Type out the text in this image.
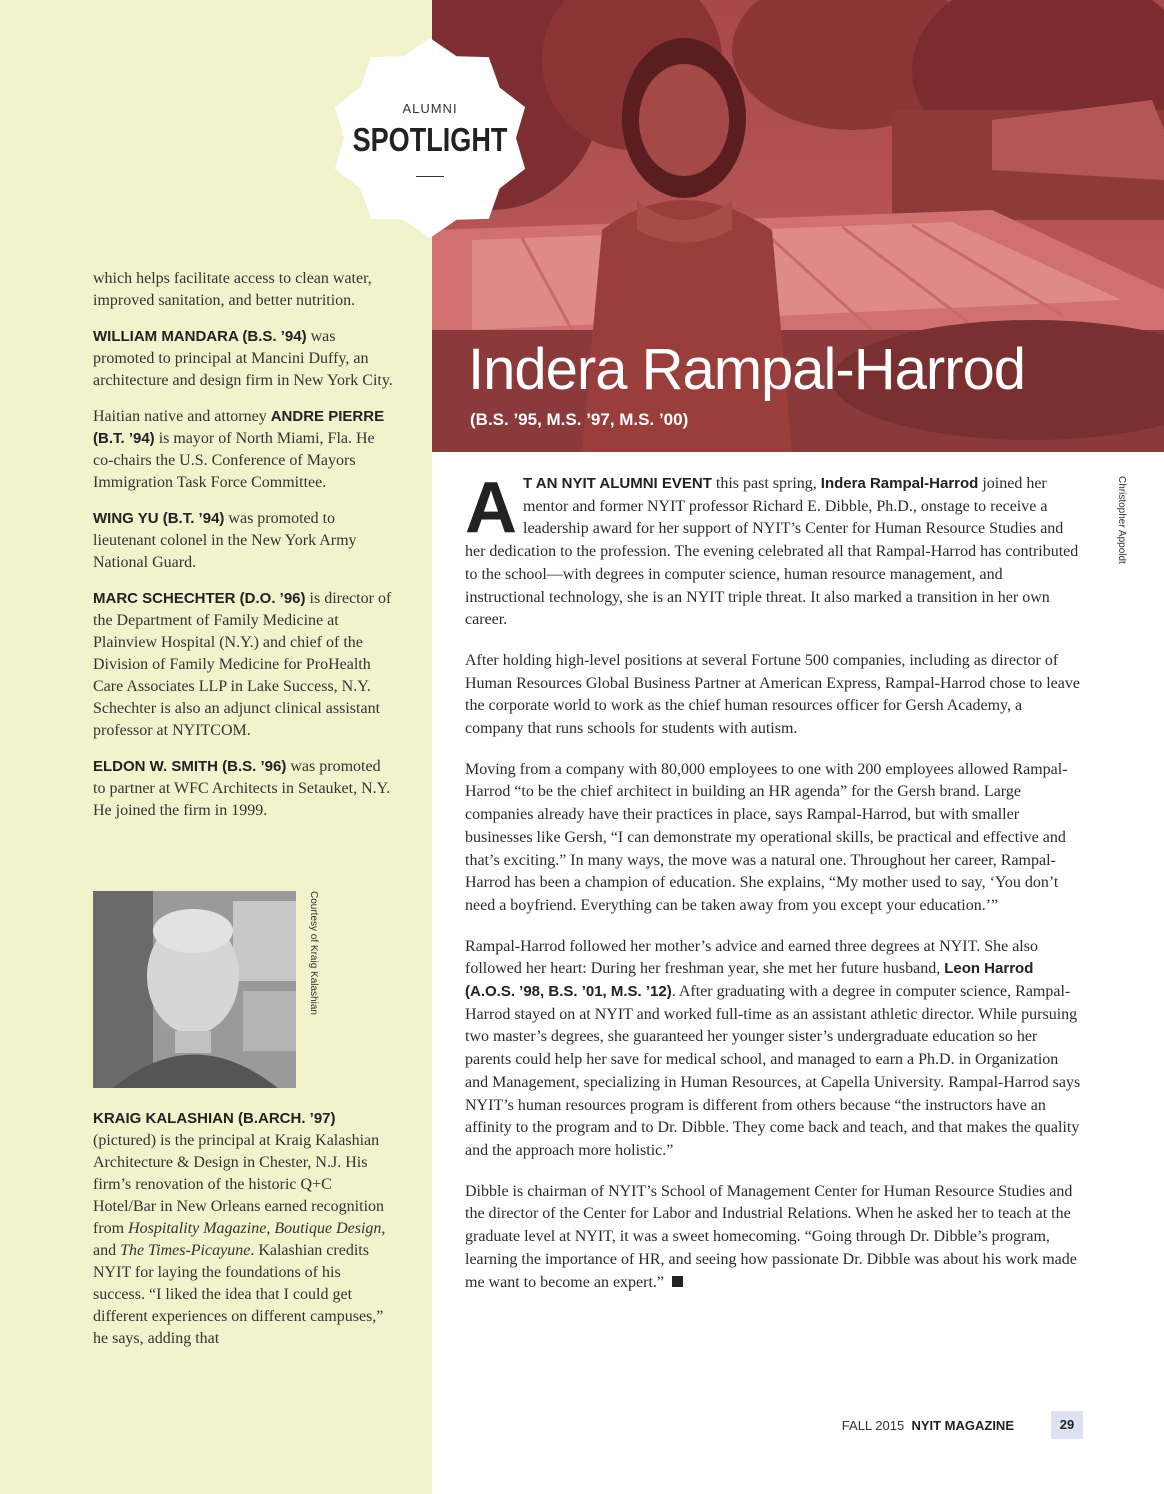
Indera Rampal-Harrod
(B.S. ’95, M.S. ’97, M.S. ’00)
ALUMNI
SPOTLIGHT

which helps facilitate access to clean water, improved sanitation, and better nutrition.

WILLIAM MANDARA (B.S. ’94) was promoted to principal at Mancini Duffy, an architecture and design firm in New York City.

Haitian native and attorney ANDRE PIERRE (B.T. ’94) is mayor of North Miami, Fla. He co-chairs the U.S. Conference of Mayors Immigration Task Force Committee.

WING YU (B.T. ’94) was promoted to lieutenant colonel in the New York Army National Guard.

MARC SCHECHTER (D.O. ’96) is director of the Department of Family Medicine at Plainview Hospital (N.Y.) and chief of the Division of Family Medicine for ProHealth Care Associates LLP in Lake Success, N.Y. Schechter is also an adjunct clinical assistant professor at NYITCOM.

ELDON W. SMITH (B.S. ’96) was promoted to partner at WFC Architects in Setauket, N.Y. He joined the firm in 1999.

Courtesy of Kraig Kalashian

KRAIG KALASHIAN (B.ARCH. ’97) (pictured) is the principal at Kraig Kalashian Architecture & Design in Chester, N.J. His firm’s renovation of the historic Q+C Hotel/Bar in New Orleans earned recognition from Hospitality Magazine, Boutique Design, and The Times-Picayune. Kalashian credits NYIT for laying the foundations of his success. “I liked the idea that I could get different experiences on different campuses,” he says, adding that

Christopher Appoldt

A T AN NYIT ALUMNI EVENT this past spring, Indera Rampal-Harrod joined her mentor and former NYIT professor Richard E. Dibble, Ph.D., onstage to receive a leadership award for her support of NYIT’s Center for Human Resource Studies and her dedication to the profession. The evening celebrated all that Rampal-Harrod has contributed to the school—with degrees in computer science, human resource management, and instructional technology, she is an NYIT triple threat. It also marked a transition in her own career.

After holding high-level positions at several Fortune 500 companies, including as director of Human Resources Global Business Partner at American Express, Rampal-Harrod chose to leave the corporate world to work as the chief human resources officer for Gersh Academy, a company that runs schools for students with autism.

Moving from a company with 80,000 employees to one with 200 employees allowed Rampal-Harrod “to be the chief architect in building an HR agenda” for the Gersh brand. Large companies already have their practices in place, says Rampal-Harrod, but with smaller businesses like Gersh, “I can demonstrate my operational skills, be practical and effective and that’s exciting.” In many ways, the move was a natural one. Throughout her career, Rampal-Harrod has been a champion of education. She explains, “My mother used to say, ‘You don’t need a boyfriend. Everything can be taken away from you except your education.’”

Rampal-Harrod followed her mother’s advice and earned three degrees at NYIT. She also followed her heart: During her freshman year, she met her future husband, Leon Harrod (A.O.S. ’98, B.S. ’01, M.S. ’12). After graduating with a degree in computer science, Rampal-Harrod stayed on at NYIT and worked full-time as an assistant athletic director. While pursuing two master’s degrees, she guaranteed her younger sister’s undergraduate education so her parents could help her save for medical school, and managed to earn a Ph.D. in Organization and Management, specializing in Human Resources, at Capella University. Rampal-Harrod says NYIT’s human resources program is different from others because “the instructors have an affinity to the program and to Dr. Dibble. They come back and teach, and that makes the quality and the approach more holistic.”

Dibble is chairman of NYIT’s School of Management Center for Human Resource Studies and the director of the Center for Labor and Industrial Relations. When he asked her to teach at the graduate level at NYIT, it was a sweet homecoming. “Going through Dr. Dibble’s program, learning the importance of HR, and seeing how passionate Dr. Dibble was about his work made me want to become an expert.”

FALL 2015 NYIT MAGAZINE	29
